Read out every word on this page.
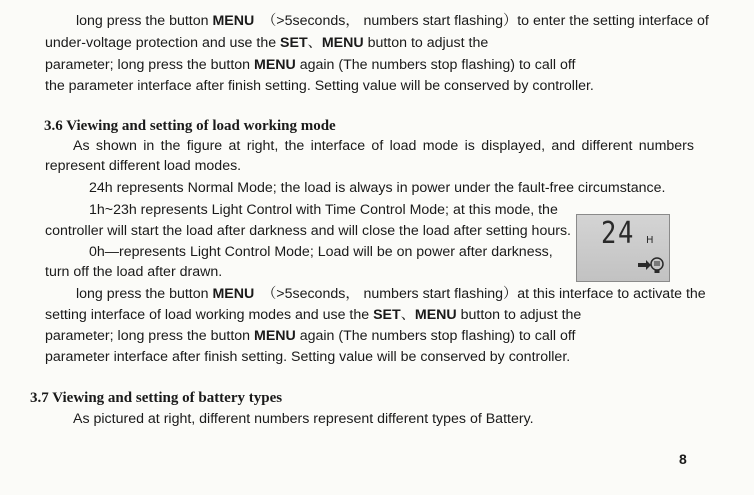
long press the button MENU  （>5seconds， numbers start flashing）to enter the setting interface of

under-voltage protection and use the SET、MENU button to adjust the

parameter; long press the button MENU again (The numbers stop flashing) to call off

the parameter interface after finish setting. Setting value will be conserved by controller.

3.6 Viewing and setting of load working mode

As shown in the figure at right, the interface of load mode is displayed, and different numbers

represent different load modes.

24h represents Normal Mode; the load is always in power under the fault-free circumstance.

1h~23h represents Light Control with Time Control Mode; at this mode, the

controller will start the load after darkness and will close the load after setting hours.

0h—represents Light Control Mode; Load will be on power after darkness,

turn off the load after drawn.

24 H

long press the button MENU  （>5seconds， numbers start flashing）at this interface to activate the

setting interface of load working modes and use the SET、MENU button to adjust the

parameter; long press the button MENU again (The numbers stop flashing) to call off

parameter interface after finish setting. Setting value will be conserved by controller.

3.7 Viewing and setting of battery types

As pictured at right, different numbers represent different types of Battery.

8
